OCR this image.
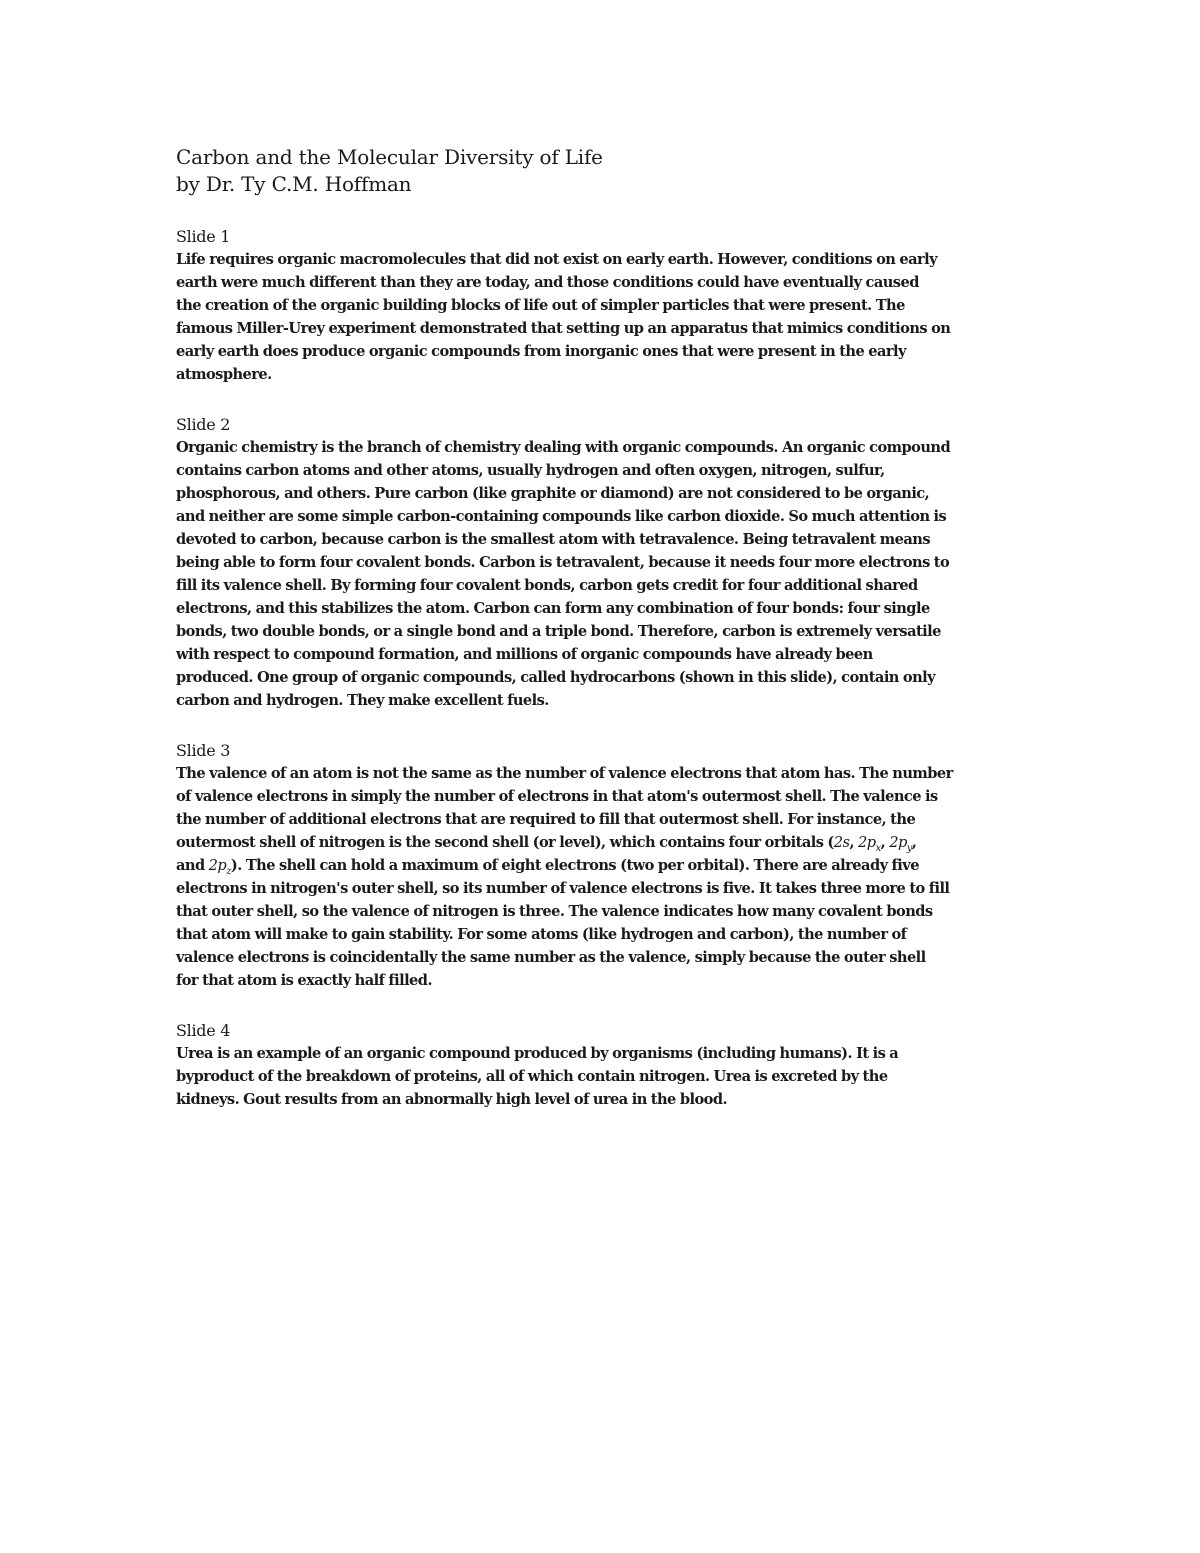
Carbon and the Molecular Diversity of Life
by Dr. Ty C.M. Hoffman

Slide 1

Life requires organic macromolecules that did not exist on early earth. However, conditions on early
earth were much different than they are today, and those conditions could have eventually caused
the creation of the organic building blocks of life out of simpler particles that were present. The
famous Miller-Urey experiment demonstrated that setting up an apparatus that mimics conditions on
early earth does produce organic compounds from inorganic ones that were present in the early
atmosphere.

Slide 2

Organic chemistry is the branch of chemistry dealing with organic compounds. An organic compound
contains carbon atoms and other atoms, usually hydrogen and often oxygen, nitrogen, sulfur,
phosphorous, and others. Pure carbon (like graphite or diamond) are not considered to be organic,
and neither are some simple carbon-containing compounds like carbon dioxide. So much attention is
devoted to carbon, because carbon is the smallest atom with tetravalence. Being tetravalent means
being able to form four covalent bonds. Carbon is tetravalent, because it needs four more electrons to
fill its valence shell. By forming four covalent bonds, carbon gets credit for four additional shared
electrons, and this stabilizes the atom. Carbon can form any combination of four bonds: four single
bonds, two double bonds, or a single bond and a triple bond. Therefore, carbon is extremely versatile
with respect to compound formation, and millions of organic compounds have already been
produced. One group of organic compounds, called hydrocarbons (shown in this slide), contain only
carbon and hydrogen. They make excellent fuels.

Slide 3

The valence of an atom is not the same as the number of valence electrons that atom has. The number
of valence electrons in simply the number of electrons in that atom's outermost shell. The valence is
the number of additional electrons that are required to fill that outermost shell. For instance, the
outermost shell of nitrogen is the second shell (or level), which contains four orbitals (2s, $2p_x$, $2p_y$,
and $2p_z$). The shell can hold a maximum of eight electrons (two per orbital). There are already five
electrons in nitrogen's outer shell, so its number of valence electrons is five. It takes three more to fill
that outer shell, so the valence of nitrogen is three. The valence indicates how many covalent bonds
that atom will make to gain stability. For some atoms (like hydrogen and carbon), the number of
valence electrons is coincidentally the same number as the valence, simply because the outer shell
for that atom is exactly half filled.

Slide 4

Urea is an example of an organic compound produced by organisms (including humans). It is a
byproduct of the breakdown of proteins, all of which contain nitrogen. Urea is excreted by the
kidneys. Gout results from an abnormally high level of urea in the blood.
